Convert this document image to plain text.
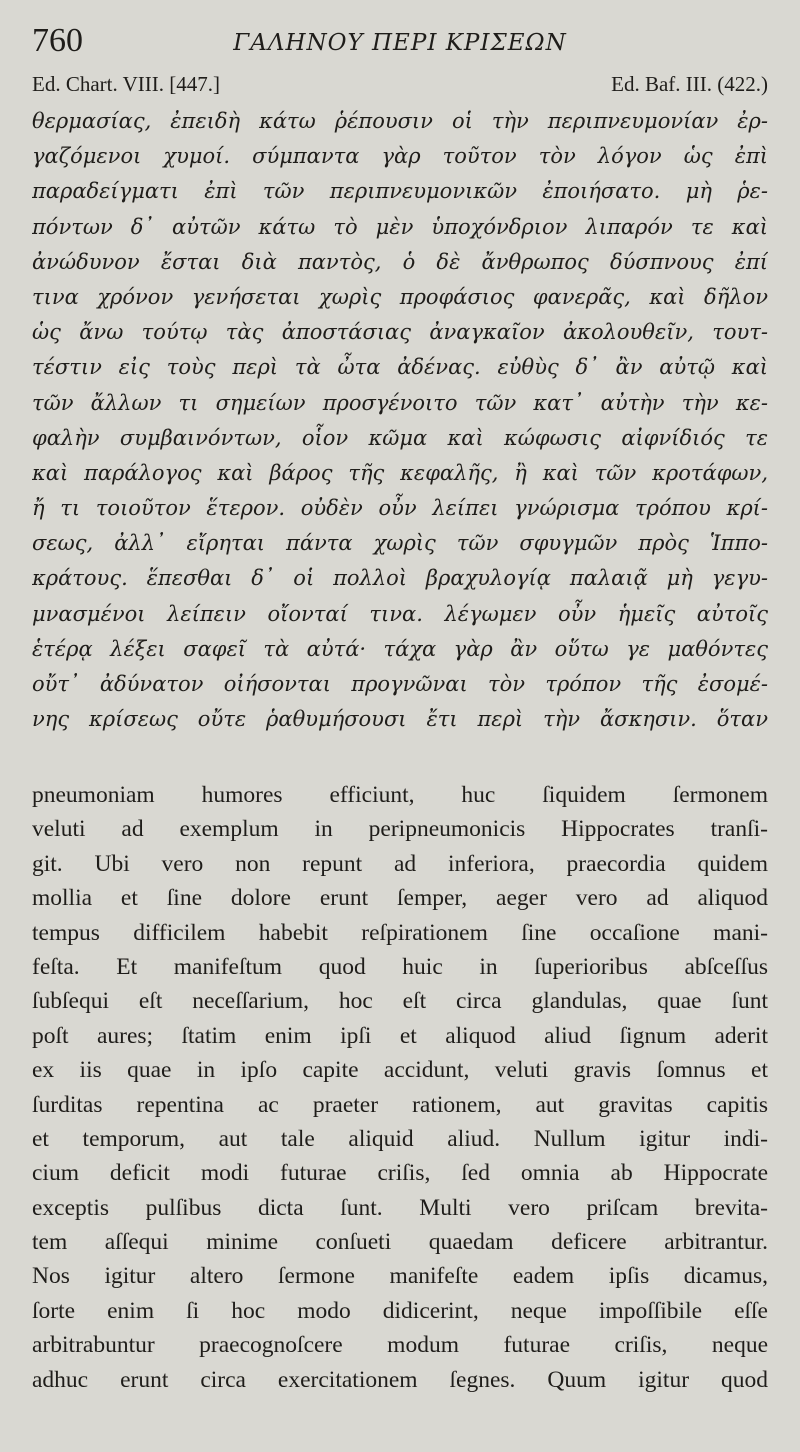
760	ΓΑΛΗΝΟΥ ΠΕΡΙ ΚΡΙΣΕΩΝ
Ed. Chart. VIII. [447.]	Ed. Baf. III. (422.)
θερμασίας, ἐπειδὴ κάτω ῥέπουσιν οἱ τὴν περιπνευμονίαν ἐρ-
γαζόμενοι χυμοί. σύμπαντα γὰρ τοῦτον τὸν λόγον ὡς ἐπὶ
παραδείγματι ἐπὶ τῶν περιπνευμονικῶν ἐποιήσατο. μὴ ῥε-
πόντων δ᾽ αὐτῶν κάτω τὸ μὲν ὑποχόνδριον λιπαρόν τε καὶ
ἀνώδυνον ἔσται διὰ παντὸς, ὁ δὲ ἄνθρωπος δύσπνους ἐπί
τινα χρόνον γενήσεται χωρὶς προφάσιος φανερᾶς, καὶ δῆλον
ὡς ἄνω τούτῳ τὰς ἀποστάσιας ἀναγκαῖον ἀκολουθεῖν, τουτ-
τέστιν εἰς τοὺς περὶ τὰ ὦτα ἀδένας. εὐθὺς δ᾽ ἂν αὐτῷ καὶ
τῶν ἄλλων τι σημείων προσγένοιτο τῶν κατ᾽ αὐτὴν τὴν κε-
φαλὴν συμβαινόντων, οἷον κῶμα καὶ κώφωσις αἰφνίδιός τε
καὶ παράλογος καὶ βάρος τῆς κεφαλῆς, ἢ καὶ τῶν κροτάφων,
ἤ τι τοιοῦτον ἕτερον. οὐδὲν οὖν λείπει γνώρισμα τρόπου κρί-
σεως, ἀλλ᾽ εἴρηται πάντα χωρὶς τῶν σφυγμῶν πρὸς Ἱππο-
κράτους. ἕπεσθαι δ᾽ οἱ πολλοὶ βραχυλογίᾳ παλαιᾷ μὴ γεγυ-
μνασμένοι λείπειν οἴονταί τινα. λέγωμεν οὖν ἡμεῖς αὐτοῖς
ἑτέρᾳ λέξει σαφεῖ τὰ αὐτά· τάχα γὰρ ἂν οὕτω γε μαθόντες
οὔτ᾽ ἀδύνατον οἰήσονται προγνῶναι τὸν τρόπον τῆς ἐσομέ-
νης κρίσεως οὔτε ῥαθυμήσουσι ἔτι περὶ τὴν ἄσκησιν. ὅταν
pneumoniam humores efficiunt, huc ſiquidem ſermonem
veluti ad exemplum in peripneumonicis Hippocrates tranſi-
git. Ubi vero non repunt ad inferiora, praecordia quidem
mollia et ſine dolore erunt ſemper, aeger vero ad aliquod
tempus difficilem habebit reſpirationem ſine occaſione mani-
feſta. Et manifeſtum quod huic in ſuperioribus abſceſſus
ſubſequi eſt neceſſarium, hoc eſt circa glandulas, quae ſunt
poſt aures; ſtatim enim ipſi et aliquod aliud ſignum aderit
ex iis quae in ipſo capite accidunt, veluti gravis ſomnus et
ſurditas repentina ac praeter rationem, aut gravitas capitis
et temporum, aut tale aliquid aliud. Nullum igitur indi-
cium deficit modi futurae criſis, ſed omnia ab Hippocrate
exceptis pulſibus dicta ſunt. Multi vero priſcam brevita-
tem aſſequi minime conſueti quaedam deficere arbitrantur.
Nos igitur altero ſermone manifeſte eadem ipſis dicamus,
ſorte enim ſi hoc modo didicerint, neque impoſſibile eſſe
arbitrabuntur praecognoſcere modum futurae criſis, neque
adhuc erunt circa exercitationem ſegnes. Quum igitur quod
